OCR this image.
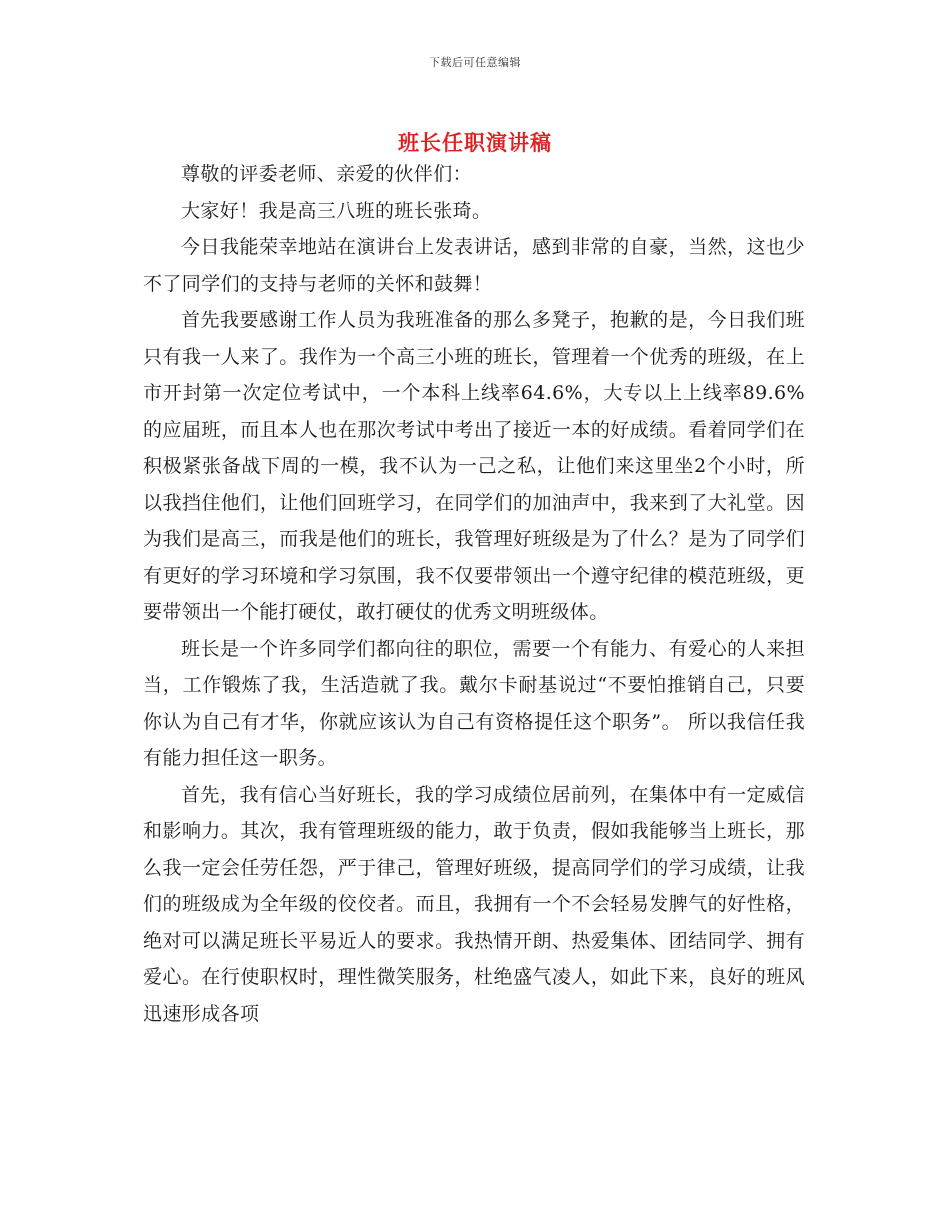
下载后可任意编辑
班长任职演讲稿

尊敬的评委老师、亲爱的伙伴们：

大家好！我是高三八班的班长张琦。

今日我能荣幸地站在演讲台上发表讲话，感到非常的自豪，当然，这也少不了同学们的支持与老师的关怀和鼓舞！

首先我要感谢工作人员为我班准备的那么多凳子，抱歉的是，今日我们班只有我一人来了。我作为一个高三小班的班长，管理着一个优秀的班级，在上市开封第一次定位考试中，一个本科上线率64.6%，大专以上上线率89.6%的应届班，而且本人也在那次考试中考出了接近一本的好成绩。看着同学们在积极紧张备战下周的一模，我不认为一己之私，让他们来这里坐2个小时，所以我挡住他们，让他们回班学习，在同学们的加油声中，我来到了大礼堂。因为我们是高三，而我是他们的班长，我管理好班级是为了什么？是为了同学们有更好的学习环境和学习氛围，我不仅要带领出一个遵守纪律的模范班级，更要带领出一个能打硬仗，敢打硬仗的优秀文明班级体。

班长是一个许多同学们都向往的职位，需要一个有能力、有爱心的人来担当，工作锻炼了我，生活造就了我。戴尔卡耐基说过“不要怕推销自己，只要你认为自己有才华，你就应该认为自己有资格提任这个职务”。 所以我信任我有能力担任这一职务。

首先，我有信心当好班长，我的学习成绩位居前列，在集体中有一定威信和影响力。其次，我有管理班级的能力，敢于负责，假如我能够当上班长，那么我一定会任劳任怨，严于律己，管理好班级，提高同学们的学习成绩，让我们的班级成为全年级的佼佼者。而且，我拥有一个不会轻易发脾气的好性格，绝对可以满足班长平易近人的要求。我热情开朗、热爱集体、团结同学、拥有爱心。在行使职权时，理性微笑服务，杜绝盛气凌人，如此下来，良好的班风迅速形成各项
